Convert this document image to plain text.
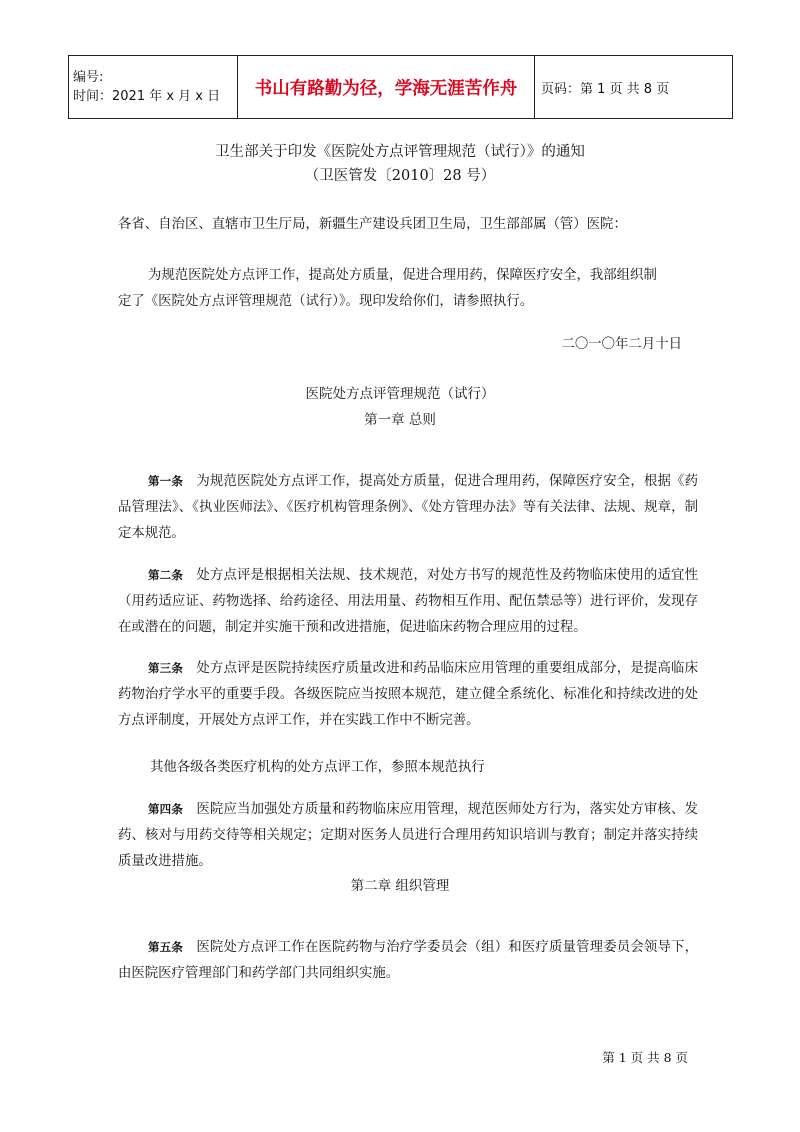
编号:
时间：2021 年 x 月 x 日	书山有路勤为径，学海无涯苦作舟	页码：第 1 页 共 8 页
卫生部关于印发《医院处方点评管理规范（试行）》的通知
（卫医管发〔2010〕28 号）
各省、自治区、直辖市卫生厅局，新疆生产建设兵团卫生局，卫生部部属（管）医院：
为规范医院处方点评工作，提高处方质量，促进合理用药，保障医疗安全，我部组织制
定了《医院处方点评管理规范（试行）》。现印发给你们，请参照执行。
二〇一〇年二月十日
医院处方点评管理规范（试行）
第一章 总则
第一条 为规范医院处方点评工作，提高处方质量，促进合理用药，保障医疗安全，根据《药品管理法》、《执业医师法》、《医疗机构管理条例》、《处方管理办法》等有关法律、法规、规章，制定本规范。
第二条 处方点评是根据相关法规、技术规范，对处方书写的规范性及药物临床使用的适宜性（用药适应证、药物选择、给药途径、用法用量、药物相互作用、配伍禁忌等）进行评价，发现存在或潜在的问题，制定并实施干预和改进措施，促进临床药物合理应用的过程。
第三条 处方点评是医院持续医疗质量改进和药品临床应用管理的重要组成部分，是提高临床药物治疗学水平的重要手段。各级医院应当按照本规范，建立健全系统化、标准化和持续改进的处方点评制度，开展处方点评工作，并在实践工作中不断完善。
其他各级各类医疗机构的处方点评工作，参照本规范执行
第四条 医院应当加强处方质量和药物临床应用管理，规范医师处方行为，落实处方审核、发药、核对与用药交待等相关规定；定期对医务人员进行合理用药知识培训与教育；制定并落实持续质量改进措施。
第二章 组织管理
第五条 医院处方点评工作在医院药物与治疗学委员会（组）和医疗质量管理委员会领导下，由医院医疗管理部门和药学部门共同组织实施。
第 1 页 共 8 页
